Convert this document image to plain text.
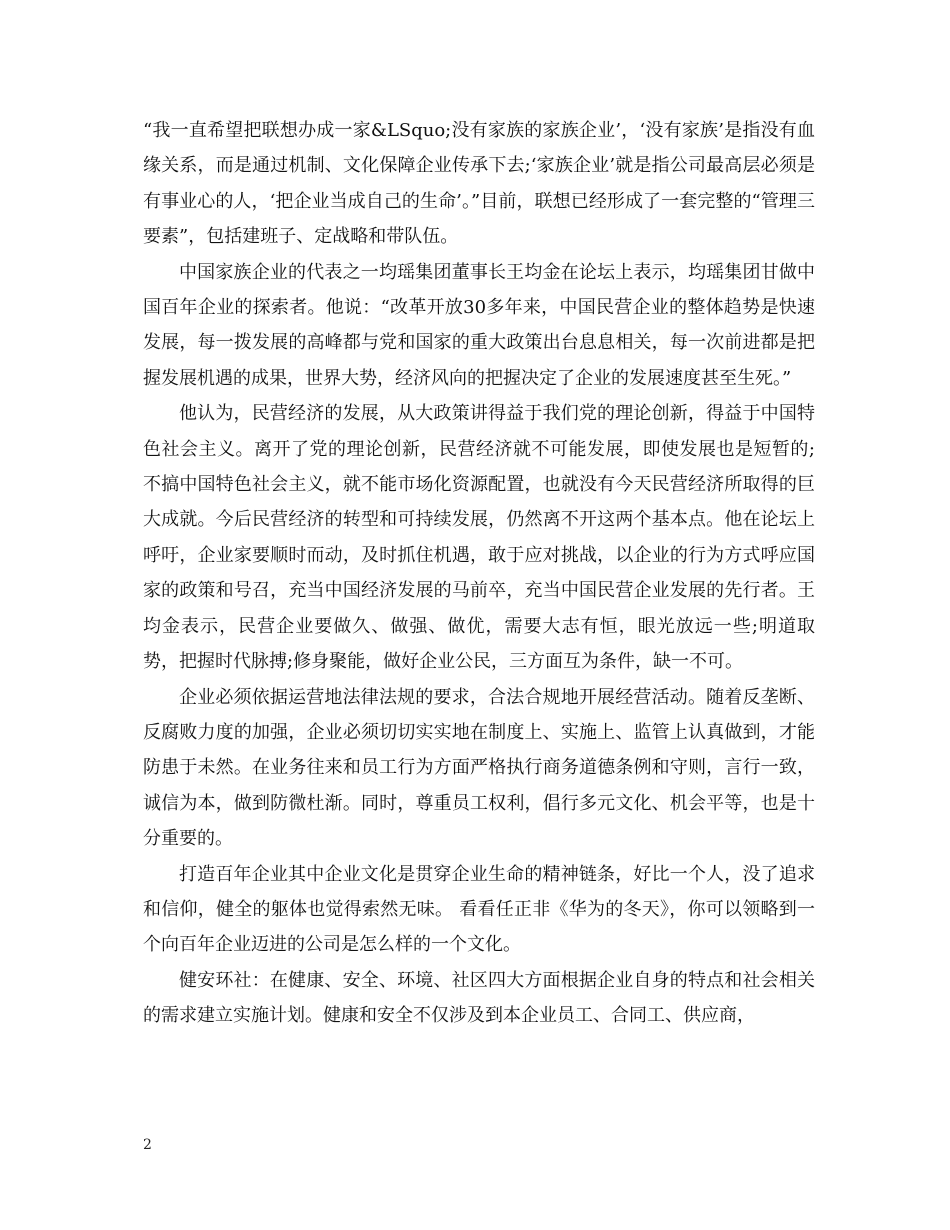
“我一直希望把联想办成一家&LSquo;没有家族的家族企业’，‘没有家族’是指没有血缘关系，而是通过机制、文化保障企业传承下去;‘家族企业’就是指公司最高层必须是有事业心的人，‘把企业当成自己的生命’。”目前，联想已经形成了一套完整的“管理三要素”，包括建班子、定战略和带队伍。

中国家族企业的代表之一均瑶集团董事长王均金在论坛上表示，均瑶集团甘做中国百年企业的探索者。他说：“改革开放30多年来，中国民营企业的整体趋势是快速发展，每一拨发展的高峰都与党和国家的重大政策出台息息相关，每一次前进都是把握发展机遇的成果，世界大势，经济风向的把握决定了企业的发展速度甚至生死。”

他认为，民营经济的发展，从大政策讲得益于我们党的理论创新，得益于中国特色社会主义。离开了党的理论创新，民营经济就不可能发展，即使发展也是短暂的;不搞中国特色社会主义，就不能市场化资源配置，也就没有今天民营经济所取得的巨大成就。今后民营经济的转型和可持续发展，仍然离不开这两个基本点。他在论坛上呼吁，企业家要顺时而动，及时抓住机遇，敢于应对挑战，以企业的行为方式呼应国家的政策和号召，充当中国经济发展的马前卒，充当中国民营企业发展的先行者。王均金表示，民营企业要做久、做强、做优，需要大志有恒，眼光放远一些;明道取势，把握时代脉搏;修身聚能，做好企业公民，三方面互为条件，缺一不可。

企业必须依据运营地法律法规的要求，合法合规地开展经营活动。随着反垄断、反腐败力度的加强，企业必须切切实实地在制度上、实施上、监管上认真做到，才能防患于未然。在业务往来和员工行为方面严格执行商务道德条例和守则，言行一致，诚信为本，做到防微杜渐。同时，尊重员工权利，倡行多元文化、机会平等，也是十分重要的。

打造百年企业其中企业文化是贯穿企业生命的精神链条，好比一个人，没了追求和信仰，健全的躯体也觉得索然无味。 看看任正非《华为的冬天》，你可以领略到一个向百年企业迈进的公司是怎么样的一个文化。

健安环社：在健康、安全、环境、社区四大方面根据企业自身的特点和社会相关的需求建立实施计划。健康和安全不仅涉及到本企业员工、合同工、供应商，

2
